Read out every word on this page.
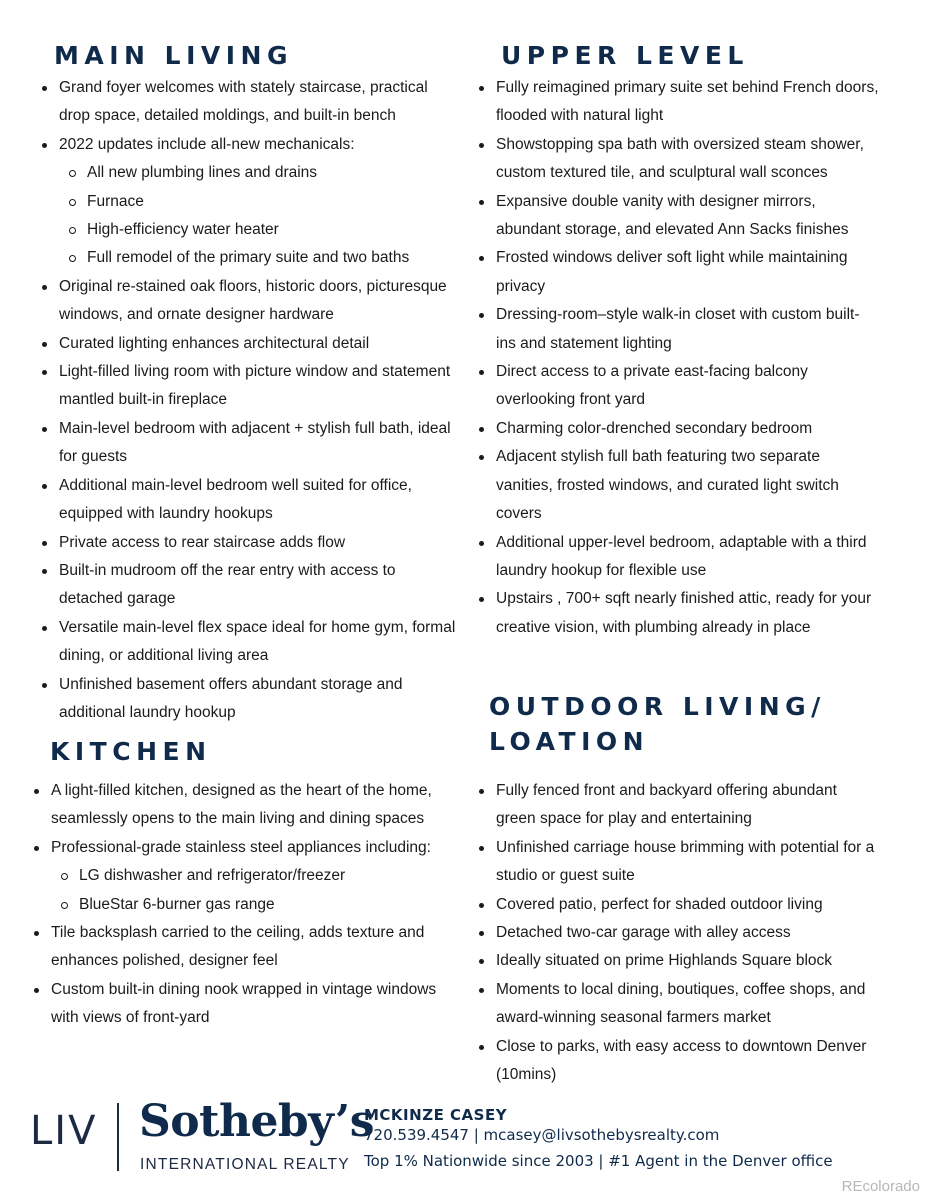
MAIN LIVING
Grand foyer welcomes with stately staircase, practical drop space, detailed moldings, and built-in bench
2022 updates include all-new mechanicals:
All new plumbing lines and drains
Furnace
High-efficiency water heater
Full remodel of the primary suite and two baths
Original re-stained oak floors, historic doors, picturesque windows, and ornate designer hardware
Curated lighting enhances architectural detail
Light-filled living room with picture window and statement mantled built-in fireplace
Main-level bedroom with adjacent + stylish full bath, ideal for guests
Additional main-level bedroom well suited for office, equipped with laundry hookups
Private access to rear staircase adds flow
Built-in mudroom off the rear entry with access to detached garage
Versatile main-level flex space ideal for home gym, formal dining, or additional living area
Unfinished basement offers abundant storage and additional laundry hookup
KITCHEN
A light-filled kitchen, designed as the heart of the home, seamlessly opens to the main living and dining spaces
Professional-grade stainless steel appliances including:
LG dishwasher and refrigerator/freezer
BlueStar 6-burner gas range
Tile backsplash carried to the ceiling, adds texture and enhances polished, designer feel
Custom built-in dining nook wrapped in vintage windows with views of front-yard
UPPER LEVEL
Fully reimagined primary suite set behind French doors, flooded with natural light
Showstopping spa bath with oversized steam shower, custom textured tile, and sculptural wall sconces
Expansive double vanity with designer mirrors, abundant storage, and elevated Ann Sacks finishes
Frosted windows deliver soft light while maintaining privacy
Dressing-room–style walk-in closet with custom built-ins and statement lighting
Direct access to a private east-facing balcony overlooking front yard
Charming color-drenched secondary bedroom
Adjacent stylish full bath featuring two separate vanities, frosted windows, and curated light switch covers
Additional upper-level bedroom, adaptable with a third laundry hookup for flexible use
Upstairs , 700+ sqft nearly finished attic, ready for your creative vision, with plumbing already in place
OUTDOOR LIVING/
LOATION
Fully fenced front and backyard offering abundant green space for play and entertaining
Unfinished carriage house brimming with potential for a studio or guest suite
Covered patio, perfect for shaded outdoor living
Detached two-car garage with alley access
Ideally situated on prime Highlands Square block
Moments to local dining, boutiques, coffee shops, and award-winning seasonal farmers market
Close to parks, with easy access to downtown Denver (10mins)
LIV Sotheby’s
INTERNATIONAL REALTY

MCKINZE CASEY

720.539.4547 | mcasey@livsothebysrealty.com

Top 1% Nationwide since 2003 | #1 Agent in the Denver office

REcolorado
